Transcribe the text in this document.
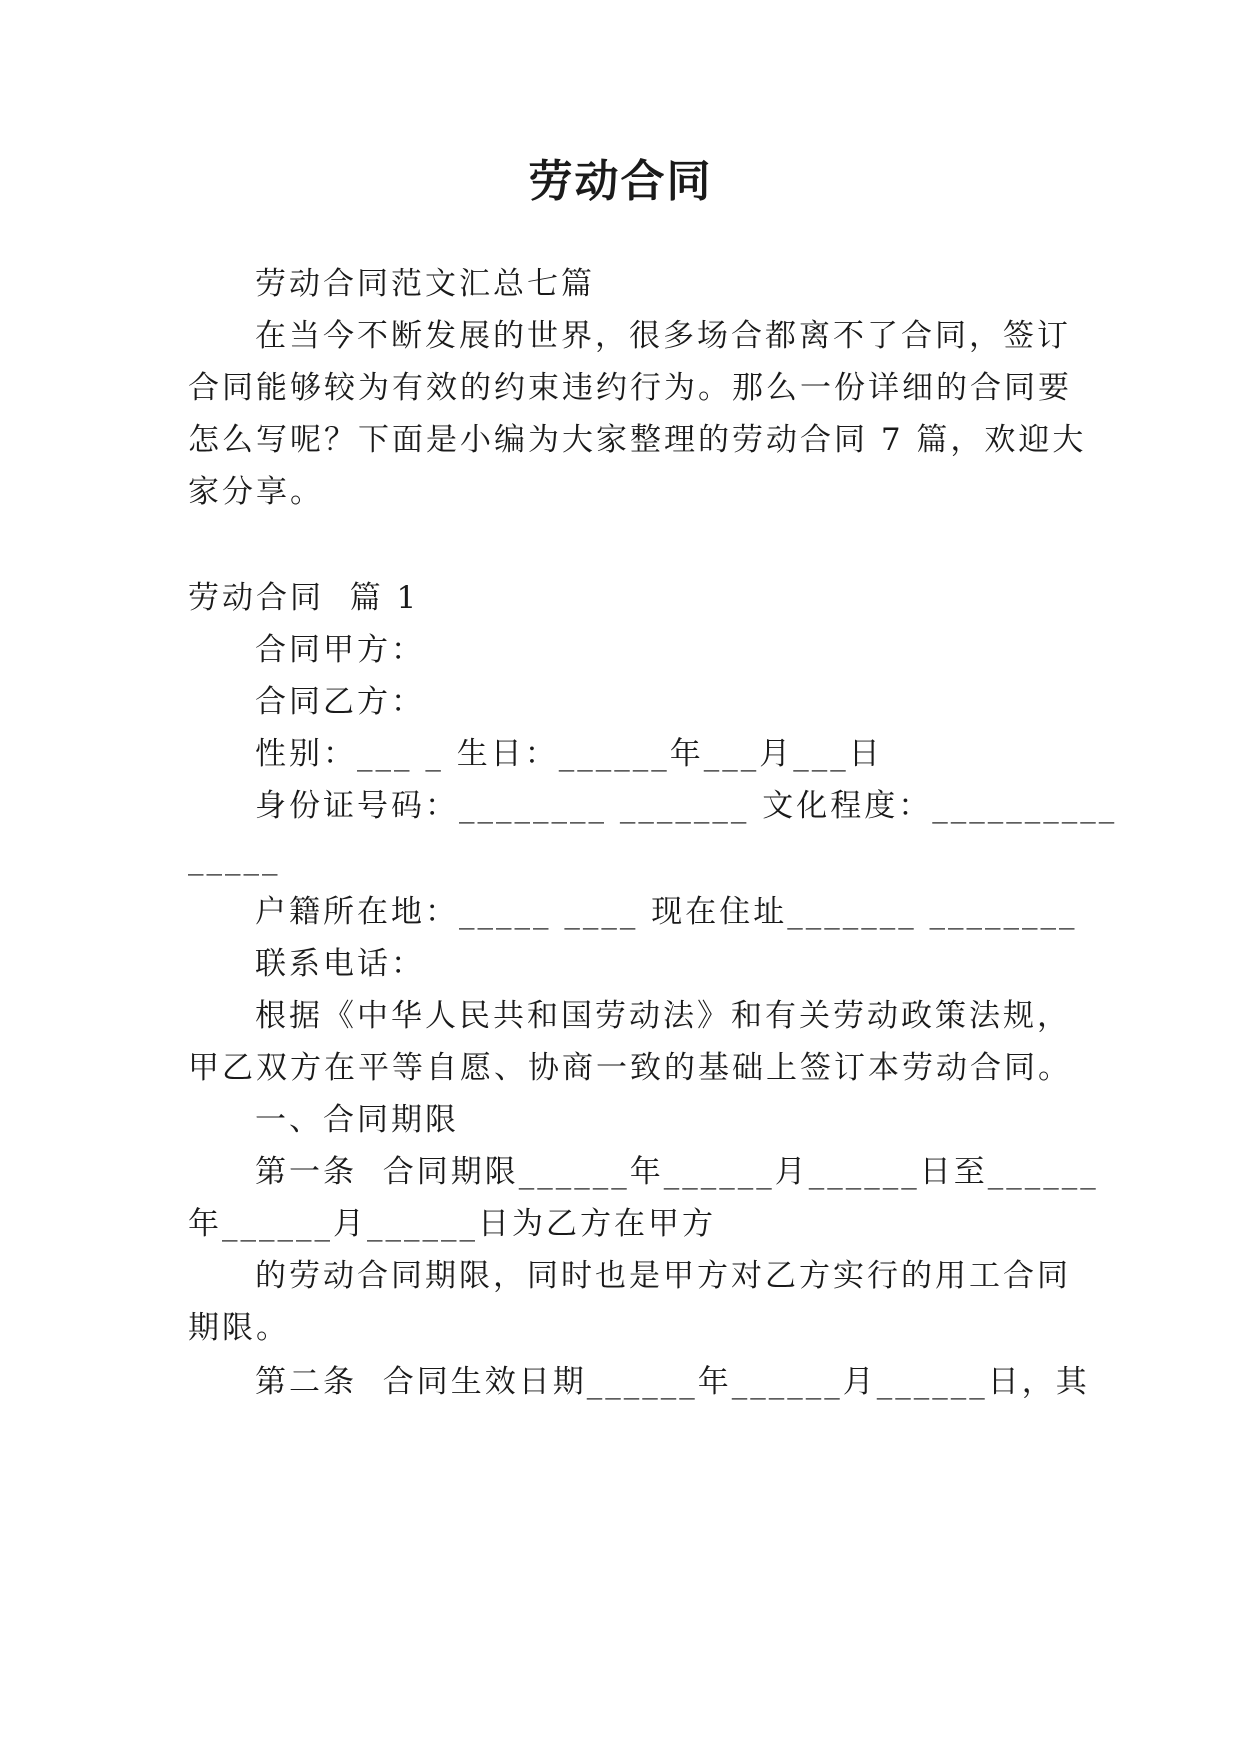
劳动合同

劳动合同范文汇总七篇

在当今不断发展的世界，很多场合都离不了合同，签订

合同能够较为有效的约束违约行为。那么一份详细的合同要

怎么写呢？下面是小编为大家整理的劳动合同 7 篇，欢迎大

家分享。

劳动合同  篇 1

合同甲方：

合同乙方：

性别：___ _ 生日：______年___月___日

身份证号码：________ _______ 文化程度：__________

_____

户籍所在地：_____ ____ 现在住址_______ ________

联系电话：

根据《中华人民共和国劳动法》和有关劳动政策法规，

甲乙双方在平等自愿、协商一致的基础上签订本劳动合同。

一、合同期限

第一条  合同期限______年______月______日至______

年______月______日为乙方在甲方

的劳动合同期限，同时也是甲方对乙方实行的用工合同

期限。

第二条  合同生效日期______年______月______日，其
